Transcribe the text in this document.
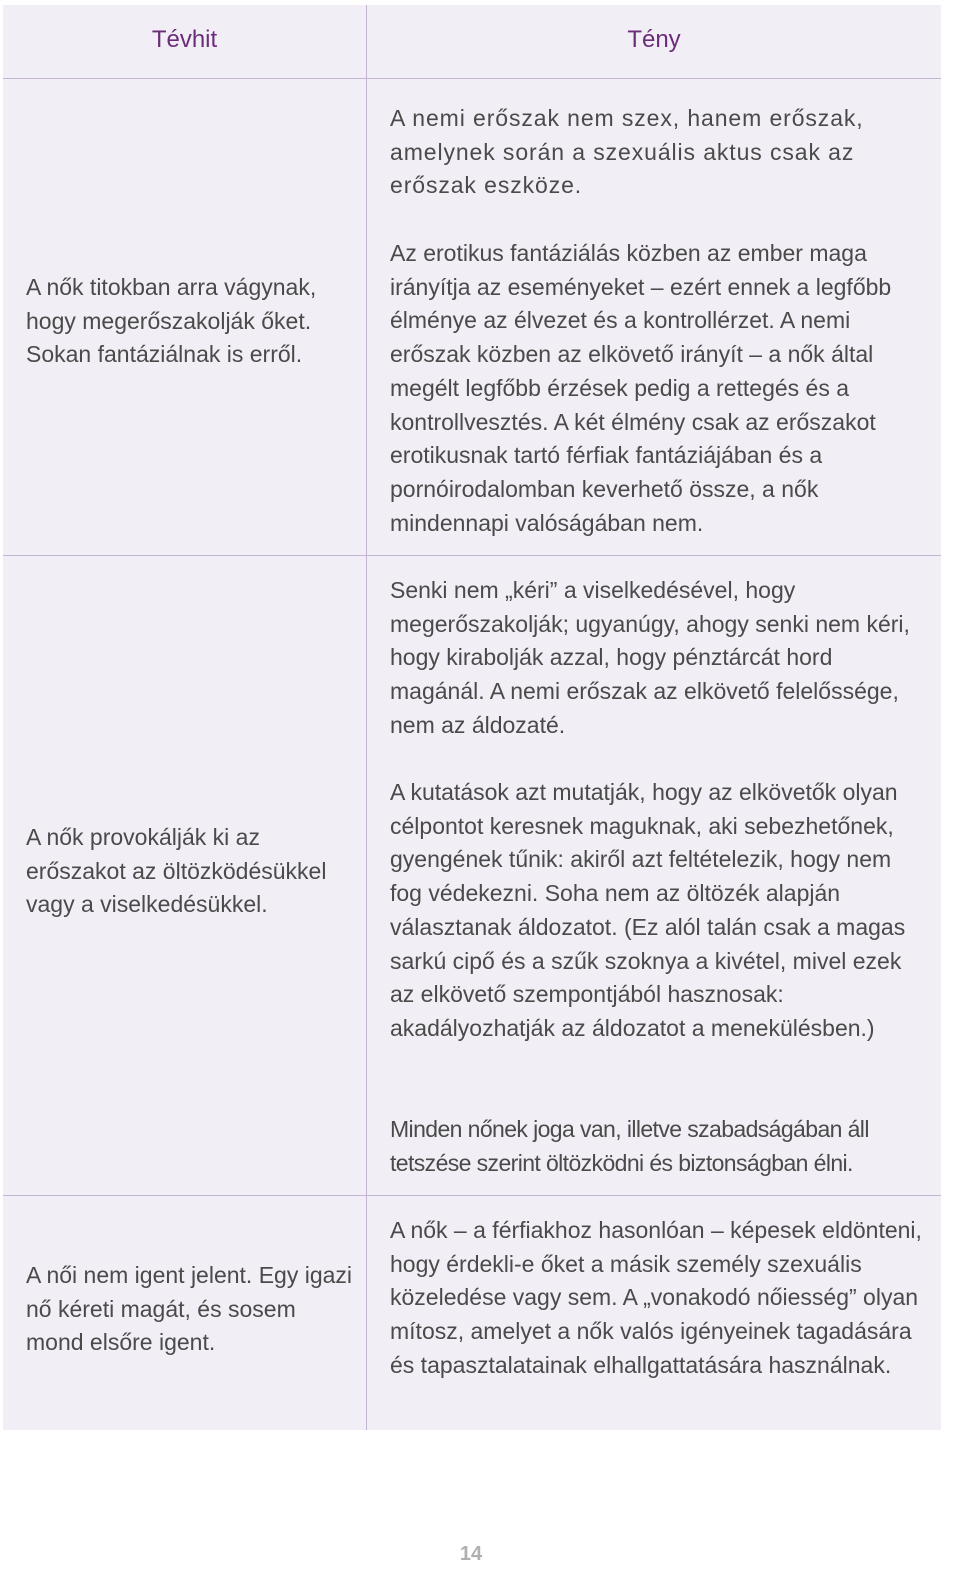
Tévhit	Tény

A nők titokban arra vágynak, hogy megerőszakolják őket. Sokan fantáziálnak is erről.

A nemi erőszak nem szex, hanem erőszak, amelynek során a szexuális aktus csak az erőszak eszköze.

Az erotikus fantáziálás közben az ember maga irányítja az eseményeket – ezért ennek a legfőbb élménye az élvezet és a kontrollérzet. A nemi erőszak közben az elkövető irányít – a nők által megélt legfőbb érzések pedig a rettegés és a kontrollvesztés. A két élmény csak az erőszakot erotikusnak tartó férfiak fantáziájában és a pornóirodalomban keverhető össze, a nők mindennapi valóságában nem.

A nők provokálják ki az erőszakot az öltözködésükkel vagy a viselkedésükkel.

Senki nem „kéri” a viselkedésével, hogy megerőszakolják; ugyanúgy, ahogy senki nem kéri, hogy kirabolják azzal, hogy pénztárcát hord magánál. A nemi erőszak az elkövető felelőssége, nem az áldozaté.

A kutatások azt mutatják, hogy az elkövetők olyan célpontot keresnek maguknak, aki sebezhetőnek, gyengének tűnik: akiről azt feltételezik, hogy nem fog védekezni. Soha nem az öltözék alapján választanak áldozatot. (Ez alól talán csak a magas sarkú cipő és a szűk szoknya a kivétel, mivel ezek az elkövető szempontjából hasznosak: akadályozhatják az áldozatot a menekülésben.)

Minden nőnek joga van, illetve szabadságában áll tetszése szerint öltözködni és biztonságban élni.

A női nem igent jelent. Egy igazi nő kéreti magát, és sosem mond elsőre igent.

A nők – a férfiakhoz hasonlóan – képesek eldönteni, hogy érdekli-e őket a másik személy szexuális közeledése vagy sem. A „vonakodó nőiesség” olyan mítosz, amelyet a nők valós igényeinek tagadására és tapasztalatainak elhallgattatására használnak.

14
